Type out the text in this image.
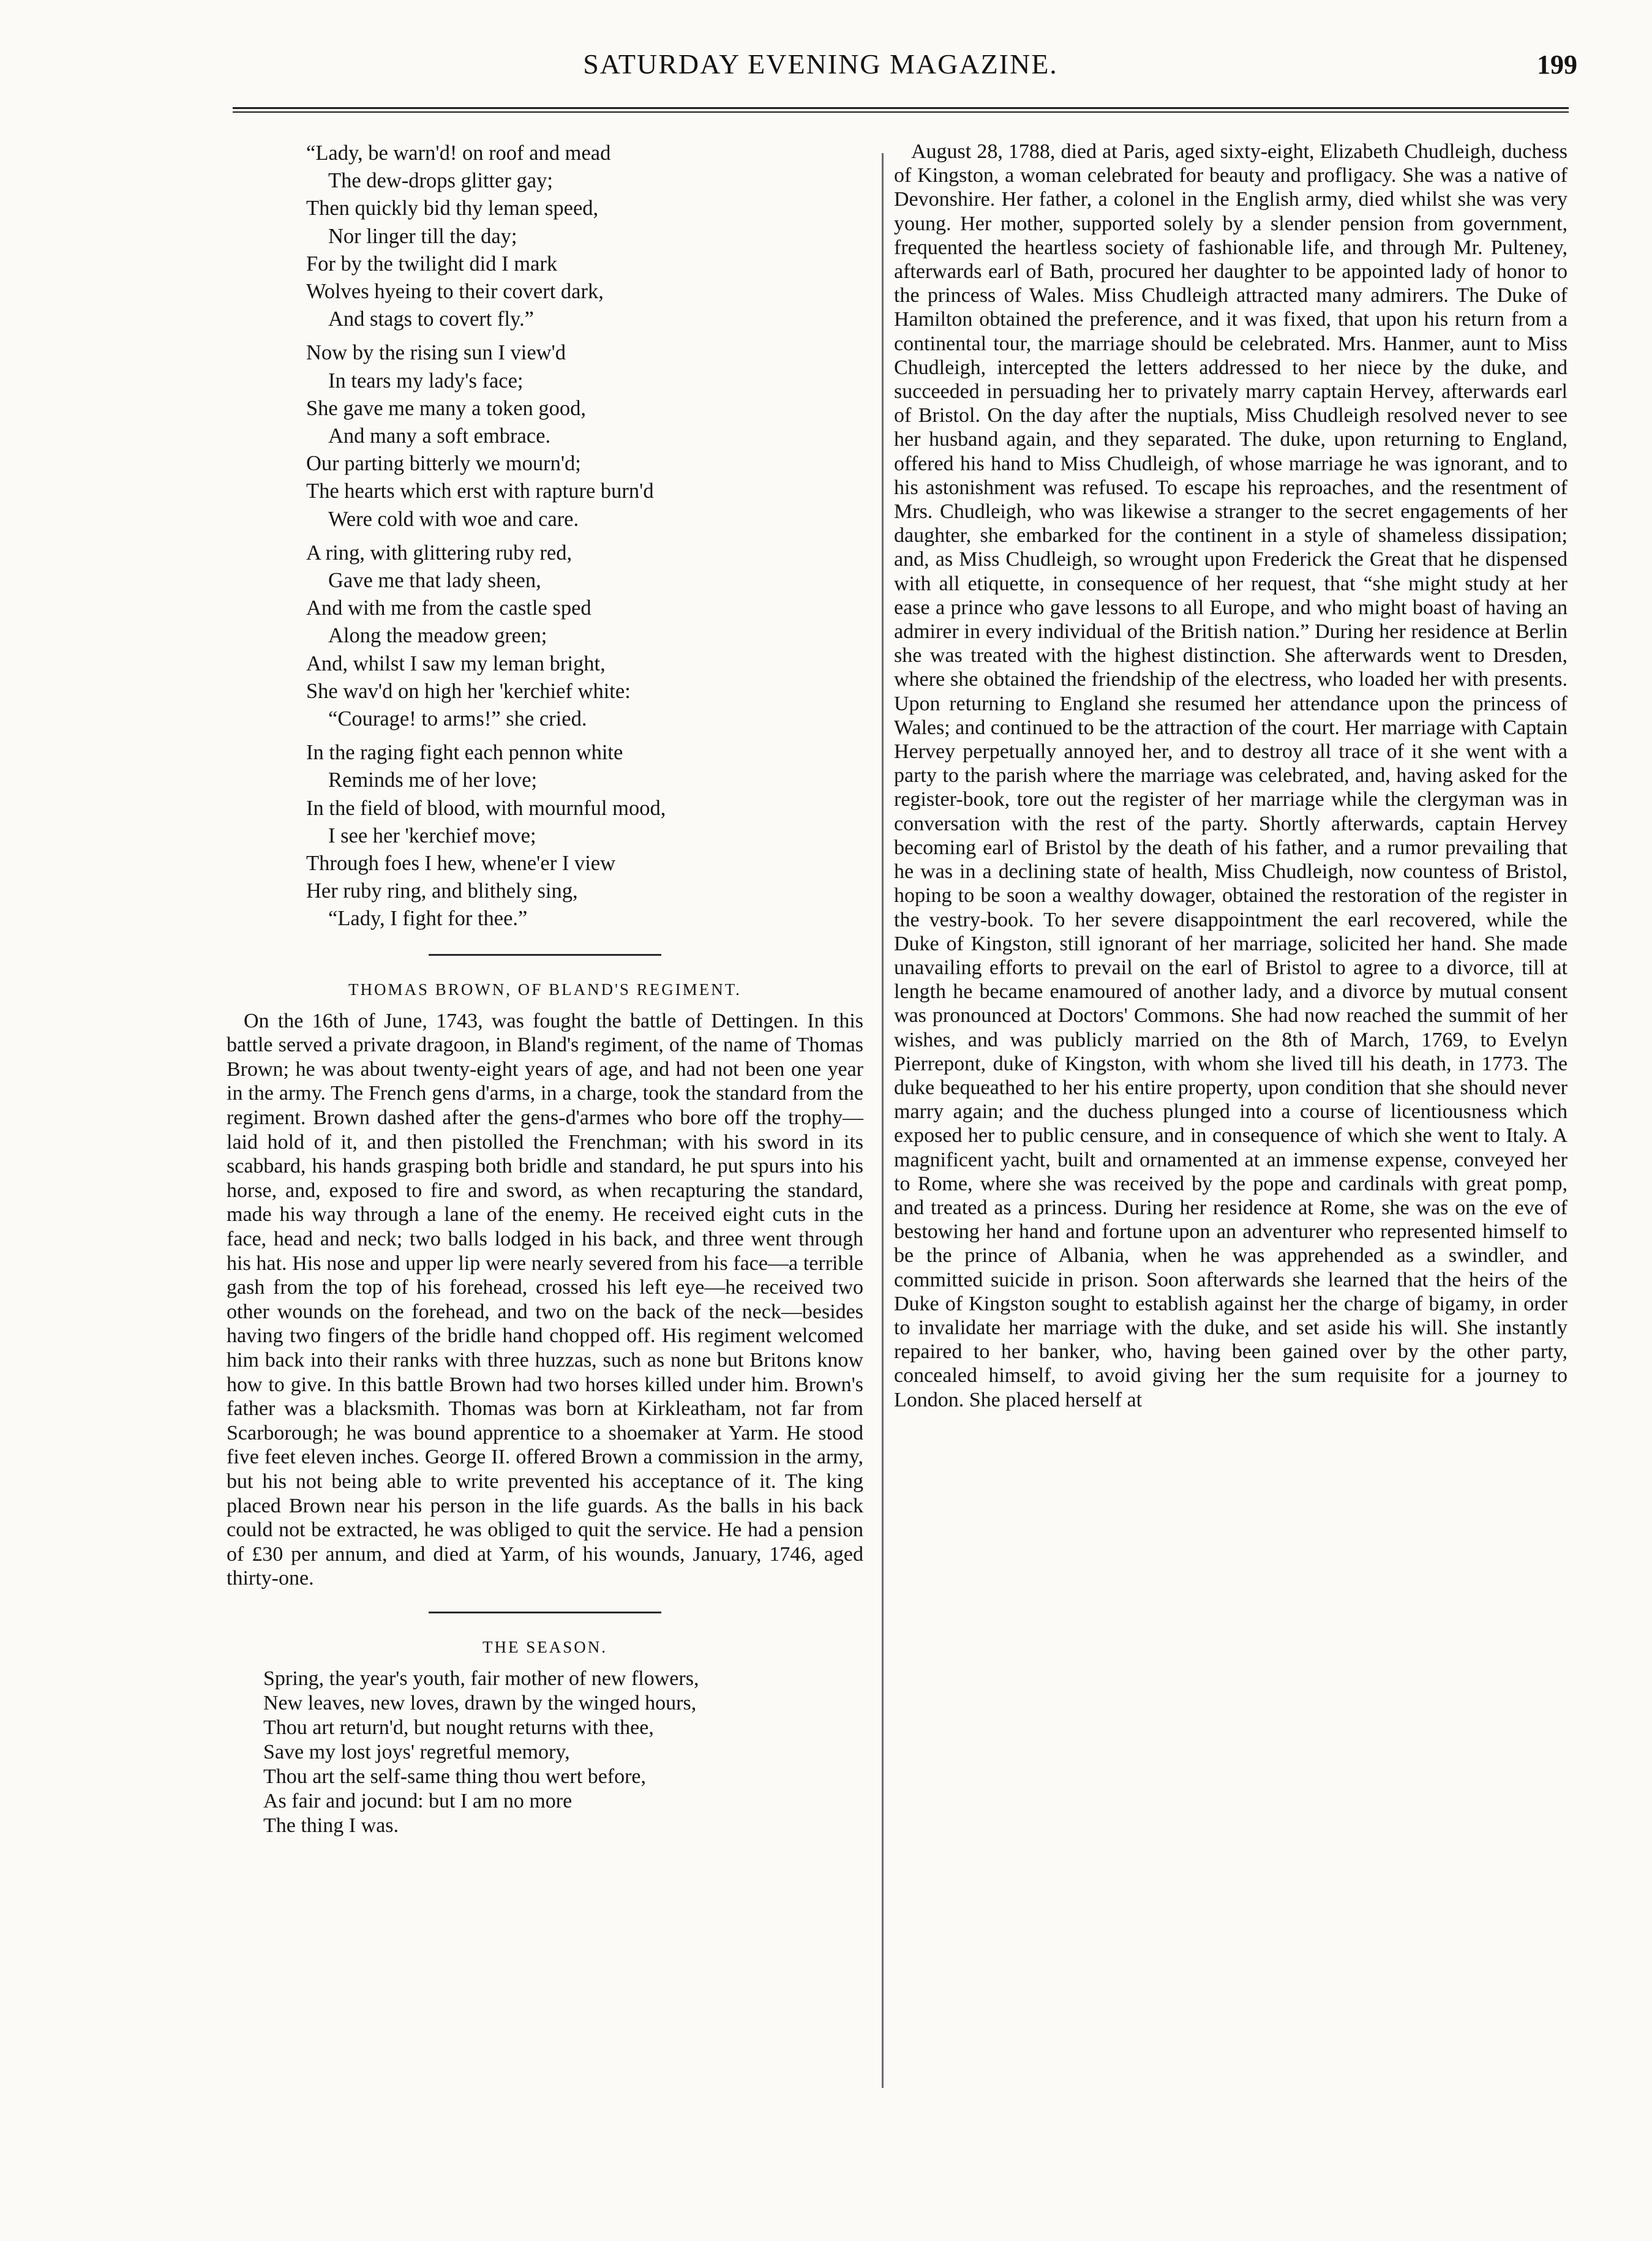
SATURDAY EVENING MAGAZINE.	199
“Lady, be warn'd! on roof and mead
The dew-drops glitter gay;
Then quickly bid thy leman speed,
Nor linger till the day;
For by the twilight did I mark
Wolves hyeing to their covert dark,
And stags to covert fly.”
Now by the rising sun I view'd
In tears my lady's face;
She gave me many a token good,
And many a soft embrace.
Our parting bitterly we mourn'd;
The hearts which erst with rapture burn'd
Were cold with woe and care.
A ring, with glittering ruby red,
Gave me that lady sheen,
And with me from the castle sped
Along the meadow green;
And, whilst I saw my leman bright,
She wav'd on high her 'kerchief white:
“Courage! to arms!” she cried.
In the raging fight each pennon white
Reminds me of her love;
In the field of blood, with mournful mood,
I see her 'kerchief move;
Through foes I hew, whene'er I view
Her ruby ring, and blithely sing,
“Lady, I fight for thee.”
THOMAS BROWN, OF BLAND'S REGIMENT.

On the 16th of June, 1743, was fought the battle of Dettingen. In this battle served a private dragoon, in Bland's regiment, of the name of Thomas Brown; he was about twenty-eight years of age, and had not been one year in the army. The French gens d'arms, in a charge, took the standard from the regiment. Brown dashed after the gens-d'armes who bore off the trophy—laid hold of it, and then pistolled the Frenchman; with his sword in its scabbard, his hands grasping both bridle and standard, he put spurs into his horse, and, exposed to fire and sword, as when recapturing the standard, made his way through a lane of the enemy. He received eight cuts in the face, head and neck; two balls lodged in his back, and three went through his hat. His nose and upper lip were nearly severed from his face—a terrible gash from the top of his forehead, crossed his left eye—he received two other wounds on the forehead, and two on the back of the neck—besides having two fingers of the bridle hand chopped off. His regiment welcomed him back into their ranks with three huzzas, such as none but Britons know how to give. In this battle Brown had two horses killed under him. Brown's father was a blacksmith. Thomas was born at Kirkleatham, not far from Scarborough; he was bound apprentice to a shoemaker at Yarm. He stood five feet eleven inches. George II. offered Brown a commission in the army, but his not being able to write prevented his acceptance of it. The king placed Brown near his person in the life guards. As the balls in his back could not be extracted, he was obliged to quit the service. He had a pension of £30 per annum, and died at Yarm, of his wounds, January, 1746, aged thirty-one.

THE SEASON.
Spring, the year's youth, fair mother of new flowers,
New leaves, new loves, drawn by the winged hours,
Thou art return'd, but nought returns with thee,
Save my lost joys' regretful memory,
Thou art the self-same thing thou wert before,
As fair and jocund: but I am no more
The thing I was.

August 28, 1788, died at Paris, aged sixty-eight, Elizabeth Chudleigh, duchess of Kingston, a woman celebrated for beauty and profligacy. She was a native of Devonshire. Her father, a colonel in the English army, died whilst she was very young. Her mother, supported solely by a slender pension from government, frequented the heartless society of fashionable life, and through Mr. Pulteney, afterwards earl of Bath, procured her daughter to be appointed lady of honor to the princess of Wales. Miss Chudleigh attracted many admirers. The Duke of Hamilton obtained the preference, and it was fixed, that upon his return from a continental tour, the marriage should be celebrated. Mrs. Hanmer, aunt to Miss Chudleigh, intercepted the letters addressed to her niece by the duke, and succeeded in persuading her to privately marry captain Hervey, afterwards earl of Bristol. On the day after the nuptials, Miss Chudleigh resolved never to see her husband again, and they separated. The duke, upon returning to England, offered his hand to Miss Chudleigh, of whose marriage he was ignorant, and to his astonishment was refused. To escape his reproaches, and the resentment of Mrs. Chudleigh, who was likewise a stranger to the secret engagements of her daughter, she embarked for the continent in a style of shameless dissipation; and, as Miss Chudleigh, so wrought upon Frederick the Great that he dispensed with all etiquette, in consequence of her request, that “she might study at her ease a prince who gave lessons to all Europe, and who might boast of having an admirer in every individual of the British nation.” During her residence at Berlin she was treated with the highest distinction. She afterwards went to Dresden, where she obtained the friendship of the electress, who loaded her with presents. Upon returning to England she resumed her attendance upon the princess of Wales; and continued to be the attraction of the court. Her marriage with Captain Hervey perpetually annoyed her, and to destroy all trace of it she went with a party to the parish where the marriage was celebrated, and, having asked for the register-book, tore out the register of her marriage while the clergyman was in conversation with the rest of the party. Shortly afterwards, captain Hervey becoming earl of Bristol by the death of his father, and a rumor prevailing that he was in a declining state of health, Miss Chudleigh, now countess of Bristol, hoping to be soon a wealthy dowager, obtained the restoration of the register in the vestry-book. To her severe disappointment the earl recovered, while the Duke of Kingston, still ignorant of her marriage, solicited her hand. She made unavailing efforts to prevail on the earl of Bristol to agree to a divorce, till at length he became enamoured of another lady, and a divorce by mutual consent was pronounced at Doctors' Commons. She had now reached the summit of her wishes, and was publicly married on the 8th of March, 1769, to Evelyn Pierrepont, duke of Kingston, with whom she lived till his death, in 1773. The duke bequeathed to her his entire property, upon condition that she should never marry again; and the duchess plunged into a course of licentiousness which exposed her to public censure, and in consequence of which she went to Italy. A magnificent yacht, built and ornamented at an immense expense, conveyed her to Rome, where she was received by the pope and cardinals with great pomp, and treated as a princess. During her residence at Rome, she was on the eve of bestowing her hand and fortune upon an adventurer who represented himself to be the prince of Albania, when he was apprehended as a swindler, and committed suicide in prison. Soon afterwards she learned that the heirs of the Duke of Kingston sought to establish against her the charge of bigamy, in order to invalidate her marriage with the duke, and set aside his will. She instantly repaired to her banker, who, having been gained over by the other party, concealed himself, to avoid giving her the sum requisite for a journey to London. She placed herself at
